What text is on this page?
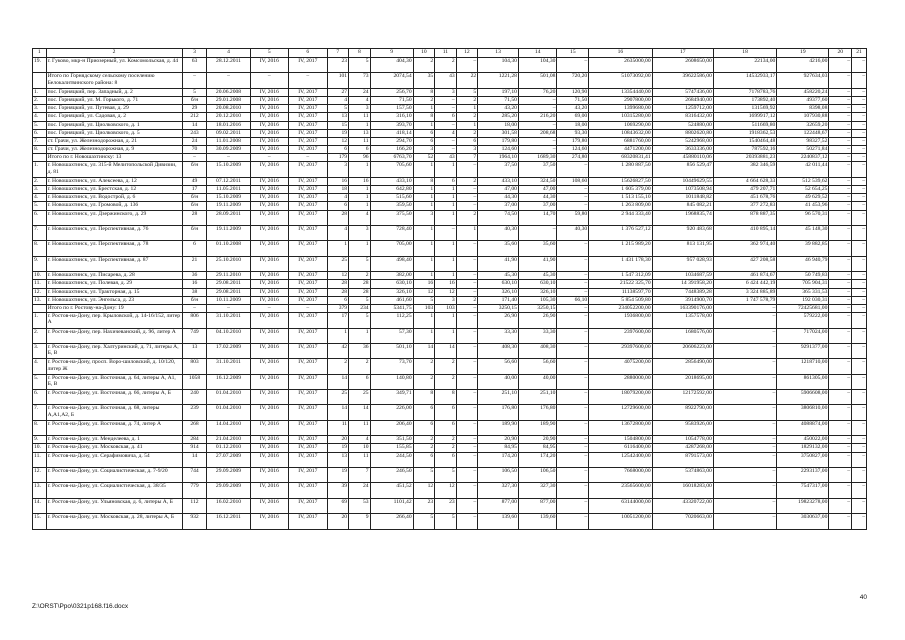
1	2	3	4	5	6	7	8	9	10	11	12	13	14	15	16	17	18	19	20	21
19.	г. Гуково, мкр-н Приозерный, ул. Комсомольская, д. 44	63	28.12.2011	IV, 2016	IV, 2017	23	5	404,30	2	2	–	104,30	104,30	–	2635000,00	2608650,00	22134,00	4216,00	–	–
	Итого по Горнядскому сельскому поселению Белокалитвинского района: 8	–	–	–	–	101	73	2074,54	35	43	22	1221,28	501,08	720,20	51073092,00	39622586,00	14532933,17	927634,03	–	–
1.	пос. Горняцкий, пер. Западный, д. 2	5	20.06.2008	IV, 2016	IV, 2017	27	24	256,70	8	3	5	197,10	76,20	120,90	13354440,00	5747436,00	7178783,76	458220,24	–	–
2.	пос. Горняцкий, ул. М. Горького, д. 71	б/н	29.01.2008	IV, 2016	IV, 2017	4	4	71,50	2	–	2	71,50	–	71,50	2907800,00	2684940,00	173892,40	49377,60	–	–
3.	пос. Горняцкий, ул. Путевая, д. 29	29	20.08.2010	IV, 2016	IV, 2017	5	3	157,50	1	–	1	43,20	–	43,20	1399680,00	1259712,00	131569,92	8398,08	–	–
4.	пос. Горняцкий, ул. Садовая, д. 2	212	20.12.2010	IV, 2016	IV, 2017	13	11	316,10	8	6	2	285,20	216,20	69,00	10315280,00	8316432,00	1699917,12	107930,88	–	–
5.	пос. Горняцкий, ул. Циолковского, д. 1	14	18.01.2016	IV, 2016	IV, 2017	15	1	393,70	1	–	1	18,00	–	18,00	1069290,00	524880,00	511669,80	32659,20	–	–
6.	пос. Горняцкий, ул. Циолковского, д. 5	243	09.02.2011	IV, 2016	IV, 2017	19	13	418,14	6	4	2	301,58	208,68	93,30	10843632,00	8802620,80	1918362,53	122448,67	–	–
7.	ст. Грачи, ул. Железнодорожная, д. 21	24	11.01.2008	IV, 2016	IV, 2017	12	11	294,70	6	–	6	179,80	–	179,80	6881760,00	5242968,00	1540464,48	98327,52	–	–
8.	ст. Грачи, ул. Железнодорожная, д. 9	70	30.09.2009	IV, 2016	IV, 2017	6	6	166,20	3	–	3	124,60	–	124,60	4471200,00	3633336,00	787592,16	50271,84	–	–
	Итого по г. Новошахтинску: 13	–	–	–	–	179	96	6763,70	52	43	7	1964,10	1689,30	274,80	68320831,41	45880110,06	20393881,23	2240837,12	–	–
1.	г. Новошахтинск, ул. 315-й Мелитопольской Дивизии, д. 81	б/н	15.10.2009	IV, 2016	IV, 2017	3	1	705,60	1	1	–	37,50	37,50	–	1 280 887,50	856 529,47	382 346,59	42 011,44	–	–
2.	г. Новошахтинск, ул. Алексеева, д. 12	49	07.12.2011	IV, 2016	IV, 2017	16	16	433,10	8	6	2	433,10	324,50	108,60	15626827,50	10449629,55	4 664 628,33	512 539,62	–	–
3.	г. Новошахтинск, ул. Брестская, д. 12	17	11.05.2011	IV, 2016	IV, 2017	18	1	642,80	1	1	–	47,00	47,00	–	1 605 379,00	1073508,94	479 207,71	52 654,25	–	–
4.	г. Новошахтинск, ул. Водострой, д. 6	б/н	15.10.2009	IV, 2016	IV, 2017	4	1	515,60	1	1	–	44,30	44,30	–	1 513 155,10	1011848,82	451 678,76	49 629,52	–	–
5.	г. Новошахтинск, ул. Громовой, д. 136	б/н	19.11.2009	IV, 2016	IV, 2017	6	1	359,50	1	1	–	37,00	37,00	–	1 263 809,00	845 082,21	377 272,83	41 453,96	–	–
6.	г. Новошахтинск, ул. Дзержинского, д. 29	28	28.09.2011	IV, 2016	IV, 2017	28	4	375,50	3	1	2	74,50	14,70	59,80	2 944 333,40	1968835,74	878 887,35	96 570,31	–	–
7.	г. Новошахтинск, ул. Перспективная, д. 76	б/н	19.11.2009	IV, 2016	IV, 2017	4	3	728,40	1	–	1	40,30	–	40,30	1 376 527,12	920 483,68	410 895,14	45 148,30	–	–
8.	г. Новошахтинск, ул. Перспективная, д. 78	6	01.10.2008	IV, 2016	IV, 2017	1	1	705,00	1	1	–	35,60	35,60	–	1 215 989,20	813 131,95	362 974,40	39 882,85	–	–
9.	г. Новошахтинск, ул. Перспективная, д. 87	21	25.10.2010	IV, 2016	IV, 2017	25	5	498,40	1	1	–	41,90	41,90	–	1 431 178,30	957 028,93	427 208,58	46 940,79	–	–
10.	г. Новошахтинск, ул. Писарева, д. 28	36	29.11.2010	IV, 2016	IV, 2017	12	2	382,00	1	1	–	45,30	45,30	–	1 547 312,09	1034687,59	461 874,67	50 749,83	–	–
11.	г. Новошахтинск, ул. Полевая, д. 29	16	29.08.2011	IV, 2016	IV, 2017	28	28	630,10	16	16	–	630,10	630,10	–	21522 325,70	14 391958,20	6 424 442,19	705 904,31	–	–
12.	г. Новошахтинск, ул. Тракторная, д. 15	38	29.08.2011	IV, 2016	IV, 2017	28	28	326,10	12	12	–	326,10	326,10	–	11138597,70	7448389,28	3 324 885,89	365 331,53	–	–
13.	г. Новошахтинск, ул. Энгельса, д. 23	б/н	10.11.2009	IV, 2016	IV, 2017	6	5	461,60	5	3	2	171,40	105,30	66,10	5 854 509,80	3914900,70	1 747 578,79	192 030,31	–	–
	Итого по г. Ростову-на-Дону: 19	–	–	–	–	379	234	5341,75	103	103	–	3250,15	3250,15	–	234052200,00	163390176,00	–	72425681,00	–	–
1.	г. Ростов-на-Дону, пер. Крыловской, д. 14-16/152, литер А	806	31.10.2011	IV, 2016	IV, 2017	17	5	112,25	1	1	–	26,90	26,90	–	1936800,00	1357578,00	–	579222,00	–	–
2.	г. Ростов-на-Дону, пер. Нахичеванский, д. 96, литер А	749	04.10.2010	IV, 2016	IV, 2017	1	1	57,30	1	1	–	33,30	33,30	–	2397600,00	1680576,00	–	717024,00	–	–
3.	г. Ростов-на-Дону, пер. Халтуринский, д. 71, литеры А, Б, В	13	17.02.2009	IV, 2016	IV, 2017	42	36	501,10	14	14	–	408,30	408,30	–	29397600,00	20606223,00	–	9291377,00	–	–
4.	г. Ростов-на-Дону, просп. Воро-шиловский, д. 10/120, литер Ж	803	31.10.2011	IV, 2016	IV, 2017	2	2	73,70	2	2	–	56,60	56,60	–	4075200,00	2856490,00	–	1218710,00	–	–
5.	г. Ростов-на-Дону, ул. Восточная, д. 64, литеры А, А1, Б, В	1058	16.12.2009	IV, 2016	IV, 2017	14	6	140,80	2	2	–	40,00	40,00	–	2880000,00	2018695,00	–	861305,00	–	–
6.	г. Ростов-на-Дону, ул. Восточная, д. 66, литеры А, Б	240	01.04.2010	IV, 2016	IV, 2017	25	25	349,71	8	8	–	251,10	251,10	–	18079200,00	12172592,00	–	5906608,00	–	–
7.	г. Ростов-на-Дону, ул. Восточная, д. 68, литеры А,А1,А2, Б	239	01.04.2010	IV, 2016	IV, 2017	14	14	226,00	6	6	–	176,80	176,80	–	12729600,00	8922790,00	–	3806810,00	–	–
8.	г. Ростов-на-Дону, ул. Восточная, д. 74, литер А	268	14.04.2010	IV, 2016	IV, 2017	11	11	206,40	6	6	–	189,90	189,90	–	13672800,00	9583926,00	–	4088874,00	–	–
9.	г. Ростов-на-Дону, ул. Менделеева, д. 1	284	21.04.2010	IV, 2016	IV, 2017	20	4	351,50	2	2	–	20,90	20,90	–	1504800,00	1054778,00	–	450022,00	–	–
10.	г. Ростов-на-Дону, ул. Московская, д. 41	914	01.12.2010	IV, 2016	IV, 2017	19	10	155,85	2	2	–	84,95	84,95	–	6116400,00	4287268,00	–	1829132,00	–	–
11.	г. Ростов-на-Дону, ул. Серафимовича, д. 54	14	27.07.2009	IV, 2016	IV, 2017	13	11	244,50	6	6	–	174,20	174,20	–	12542400,00	8791573,00	–	3750827,00	–	–
12.	г. Ростов-на-Дону, ул. Социалистическая, д. 7-9/20	744	29.09.2009	IV, 2016	IV, 2017	19	7	246,50	5	5	–	106,50	106,50	–	7668000,00	5374863,00	–	2293137,00	–	–
13.	г. Ростов-на-Дону, ул. Социалистическая, д. 38/35	779	29.09.2009	IV, 2016	IV, 2017	39	24	451,52	12	12	–	327,30	327,30	–	23565600,00	16018283,00	–	7547317,00	–	–
14.	г. Ростов-на-Дону, ул. Ульяновская, д. 6, литеры А, Б	112	16.02.2010	IV, 2016	IV, 2017	69	53	1101,42	23	23	–	877,00	877,00	–	63144000,00	43320722,00	–	19823278,00	–	–
15.	г. Ростов-на-Дону, ул. Московская, д. 28, литеры А, Б	932	16.12.2011	IV, 2016	IV, 2017	20	9	266,40	5	5	–	139,60	139,60	–	10051200,00	7020663,00	–	3030637,00	–	–
Z:\ORST\Ppo\0321p168.f16.docx
40
